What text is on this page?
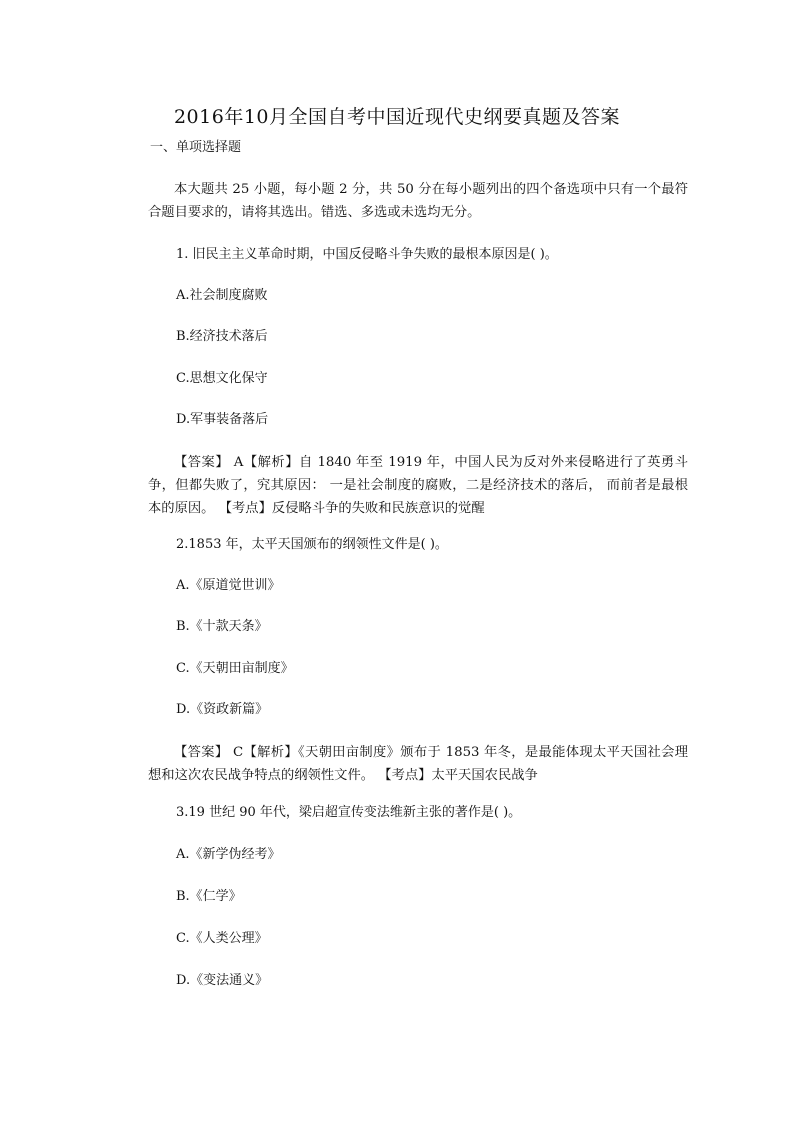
2016年10月全国自考中国近现代史纲要真题及答案
一、单项选择题
本大题共 25 小题，每小题 2 分，共 50 分在每小题列出的四个备选项中只有一个最符合题目要求的，请将其选出。错选、多选或未选均无分。
1. 旧民主主义革命时期，中国反侵略斗争失败的最根本原因是( )。
A.社会制度腐败
B.经济技术落后
C.思想文化保守
D.军事装备落后
【答案】 A【解析】自 1840 年至 1919 年，中国人民为反对外来侵略进行了英勇斗争，但都失败了，究其原因： 一是社会制度的腐败，二是经济技术的落后， 而前者是最根本的原因。 【考点】反侵略斗争的失败和民族意识的觉醒
2.1853 年，太平天国颁布的纲领性文件是( )。
A.《原道觉世训》
B.《十款天条》
C.《天朝田亩制度》
D.《资政新篇》
【答案】 C【解析】《天朝田亩制度》颁布于 1853 年冬，是最能体现太平天国社会理想和这次农民战争特点的纲领性文件。 【考点】太平天国农民战争
3.19 世纪 90 年代，梁启超宣传变法维新主张的著作是( )。
A.《新学伪经考》
B.《仁学》
C.《人类公理》
D.《变法通义》
